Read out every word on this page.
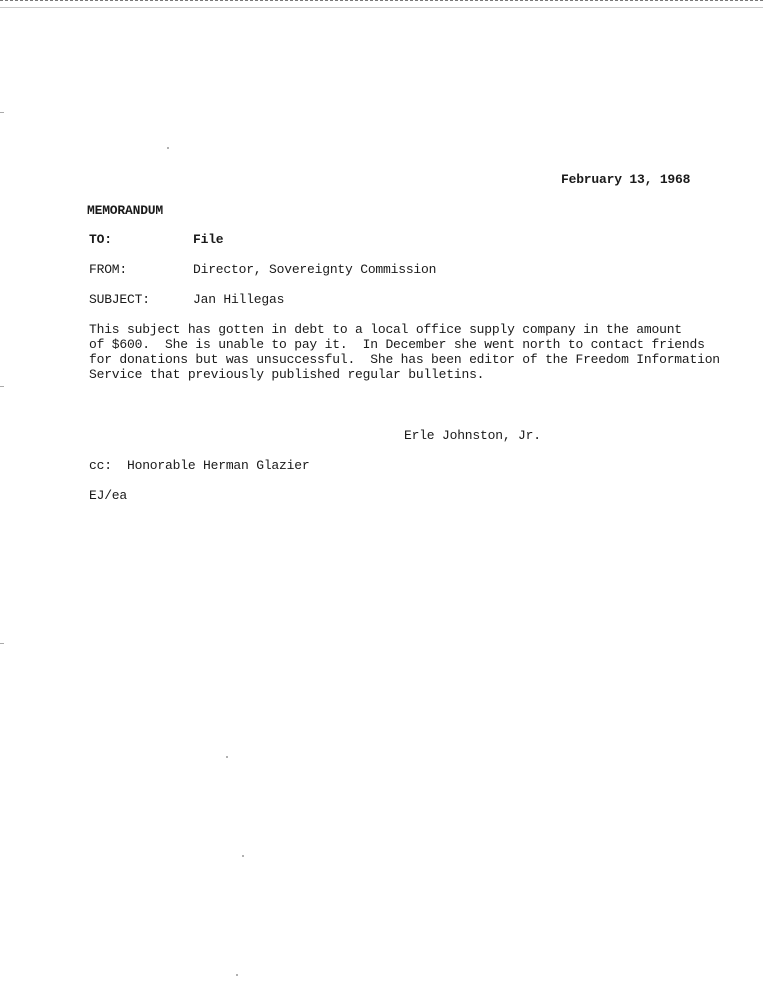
February 13, 1968
MEMORANDUM
TO:	File
FROM:	Director, Sovereignty Commission
SUBJECT:	Jan Hillegas
This subject has gotten in debt to a local office supply company in the amount
of $600.  She is unable to pay it.  In December she went north to contact friends
for donations but was unsuccessful.  She has been editor of the Freedom Information
Service that previously published regular bulletins.
Erle Johnston, Jr.
cc:  Honorable Herman Glazier
EJ/ea
